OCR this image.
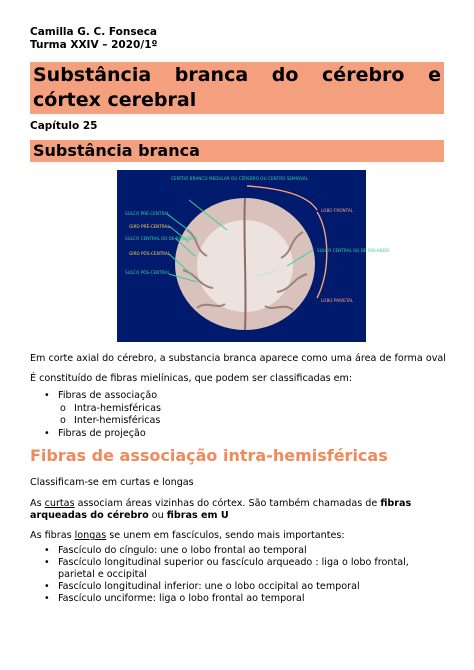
Camilla G. C. Fonseca
Turma XXIV – 2020/1º
Substância branca do cérebro e
córtex cerebral
Capítulo 25
Substância branca
CENTRO BRANCO MEDULAR OU CÉREBRO OU CENTRO SEMIOVAL
SULCO PRÉ-CENTRAL
GIRO PRÉ-CENTRAL
SULCO CENTRAL OU DE ROLANDO
GIRO PÓS-CENTRAL
SULCO PÓS-CENTRAL
LOBO FRONTAL
SULCO CENTRAL OU DE ROLANDO
LOBO PARIETAL
Em corte axial do cérebro, a substancia branca aparece como uma área de forma oval
É constituído de fibras mielínicas, que podem ser classificadas em:
• Fibras de associação
o Intra-hemisféricas
o Inter-hemisféricas
• Fibras de projeção
Fibras de associação intra-hemisféricas
Classificam-se em curtas e longas
As curtas associam áreas vizinhas do córtex. São também chamadas de fibras arqueadas do cérebro ou fibras em U
As fibras longas se unem em fascículos, sendo mais importantes:
• Fascículo do cíngulo: une o lobo frontal ao temporal
• Fascículo longitudinal superior ou fascículo arqueado : liga o lobo frontal, parietal e occipital
• Fascículo longitudinal inferior: une o lobo occipital ao temporal
• Fascículo unciforme: liga o lobo frontal ao temporal
